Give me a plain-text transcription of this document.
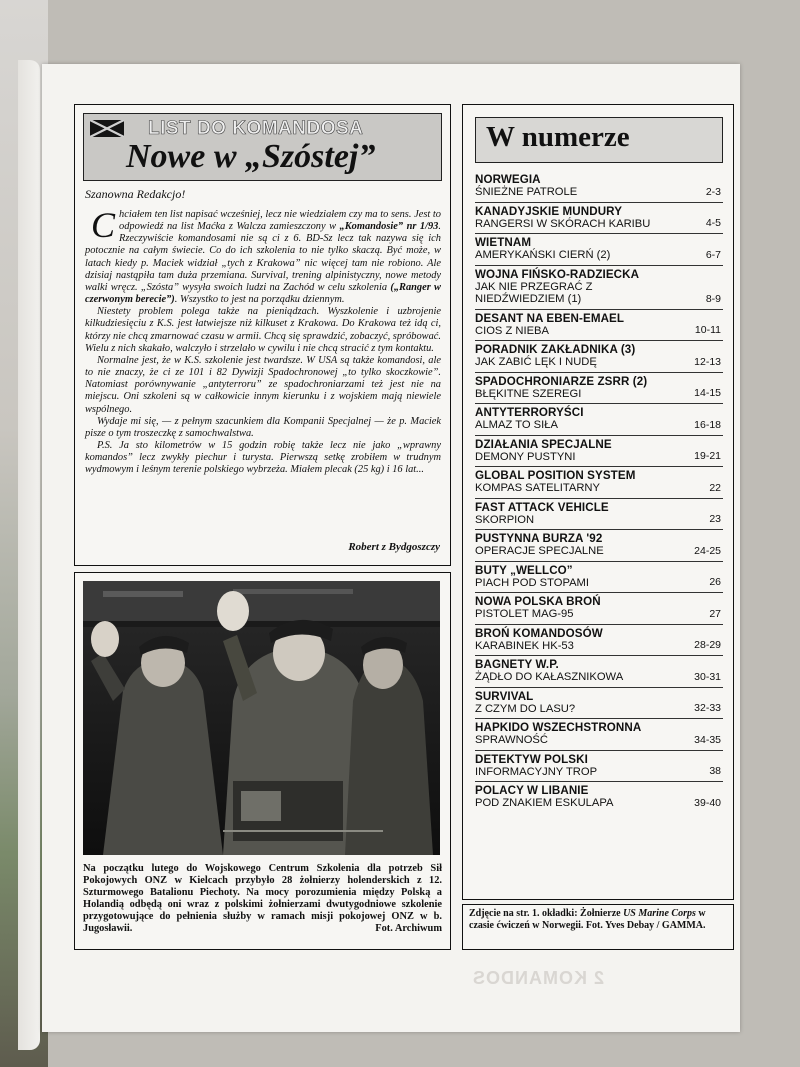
LIST DO KOMANDOSA
Nowe w „Szóstej”
Szanowna Redakcjo!

Chciałem ten list napisać wcześniej, lecz nie wiedziałem czy ma to sens. Jest to odpowiedź na list Maćka z Walcza zamieszczony w „Komandosie” nr 1/93. Rzeczywiście komandosami nie są ci z 6. BD-Sz lecz tak nazywa się ich potocznie na całym świecie. Co do ich szkolenia to nie tylko skaczą. Być może, w latach kiedy p. Maciek widział „tych z Krakowa” nic więcej tam nie robiono. Ale dzisiaj nastąpiła tam duża przemiana. Survival, trening alpinistyczny, nowe metody walki wręcz. „Szósta” wysyła swoich ludzi na Zachód w celu szkolenia („Ranger w czerwonym berecie”). Wszystko to jest na porządku dziennym.

Niestety problem polega także na pieniądzach. Wyszkolenie i uzbrojenie kilkudziesięciu z K.S. jest łatwiejsze niż kilkuset z Krakowa. Do Krakowa też idą ci, którzy nie chcą zmarnować czasu w armii. Chcą się sprawdzić, zobaczyć, spróbować. Wielu z nich skakało, walczyło i strzelało w cywilu i nie chcą stracić z tym kontaktu.

Normalne jest, że w K.S. szkolenie jest twardsze. W USA są także komandosi, ale to nie znaczy, że ci ze 101 i 82 Dywizji Spadochronowej „to tylko skoczkowie”. Natomiast porównywanie „antyterroru” ze spadochroniarzami też jest nie na miejscu. Oni szkoleni są w całkowicie innym kierunku i z wojskiem mają niewiele wspólnego.

Wydaje mi się, — z pełnym szacunkiem dla Kompanii Specjalnej — że p. Maciek pisze o tym troszeczkę z samochwalstwa.

P.S. Ja sto kilometrów w 15 godzin robię także lecz nie jako „wprawny komandos” lecz zwykły piechur i turysta. Pierwszą setkę zrobiłem w trudnym wydmowym i leśnym terenie polskiego wybrzeża. Miałem plecak (25 kg) i 16 lat...

Robert z Bydgoszczy
Na początku lutego do Wojskowego Centrum Szkolenia dla potrzeb Sił Pokojowych ONZ w Kielcach przybyło 28 żołnierzy holenderskich z 12. Szturmowego Batalionu Piechoty. Na mocy porozumienia między Polską a Holandią odbędą oni wraz z polskimi żołnierzami dwutygodniowe szkolenie przygotowujące do pełnienia służby w ramach misji pokojowej ONZ w b. Jugosławii.	Fot. Archiwum
W numerze
NORWEGIA
ŚNIEŻNE PATROLE	2-3
KANADYJSKIE MUNDURY
RANGERSI W SKÓRACH KARIBU	4-5
WIETNAM
AMERYKAŃSKI CIERŃ (2)	6-7
WOJNA FIŃSKO-RADZIECKA
JAK NIE PRZEGRAĆ Z NIEDŹWIEDZIEM (1)	8-9
DESANT NA EBEN-EMAEL
CIOS Z NIEBA	10-11
PORADNIK ZAKŁADNIKA (3)
JAK ZABIĆ LĘK I NUDĘ	12-13
SPADOCHRONIARZE ZSRR (2)
BŁĘKITNE SZEREGI	14-15
ANTYTERRORYŚCI
ALMAZ TO SIŁA	16-18
DZIAŁANIA SPECJALNE
DEMONY PUSTYNI	19-21
GLOBAL POSITION SYSTEM
KOMPAS SATELITARNY	22
FAST ATTACK VEHICLE
SKORPION	23
PUSTYNNA BURZA '92
OPERACJE SPECJALNE	24-25
BUTY „WELLCO”
PIACH POD STOPAMI	26
NOWA POLSKA BROŃ
PISTOLET MAG-95	27
BROŃ KOMANDOSÓW
KARABINEK HK-53	28-29
BAGNETY W.P.
ŻĄDŁO DO KAŁASZNIKOWA	30-31
SURVIVAL
Z CZYM DO LASU?	32-33
HAPKIDO WSZECHSTRONNA
SPRAWNOŚĆ	34-35
DETEKTYW POLSKI
INFORMACYJNY TROP	38
POLACY W LIBANIE
POD ZNAKIEM ESKULAPA	39-40
Zdjęcie na str. 1. okładki: Żołnierze US Marine Corps w czasie ćwiczeń w Norwegii. Fot. Yves Debay / GAMMA.
2 KOMANDOS
